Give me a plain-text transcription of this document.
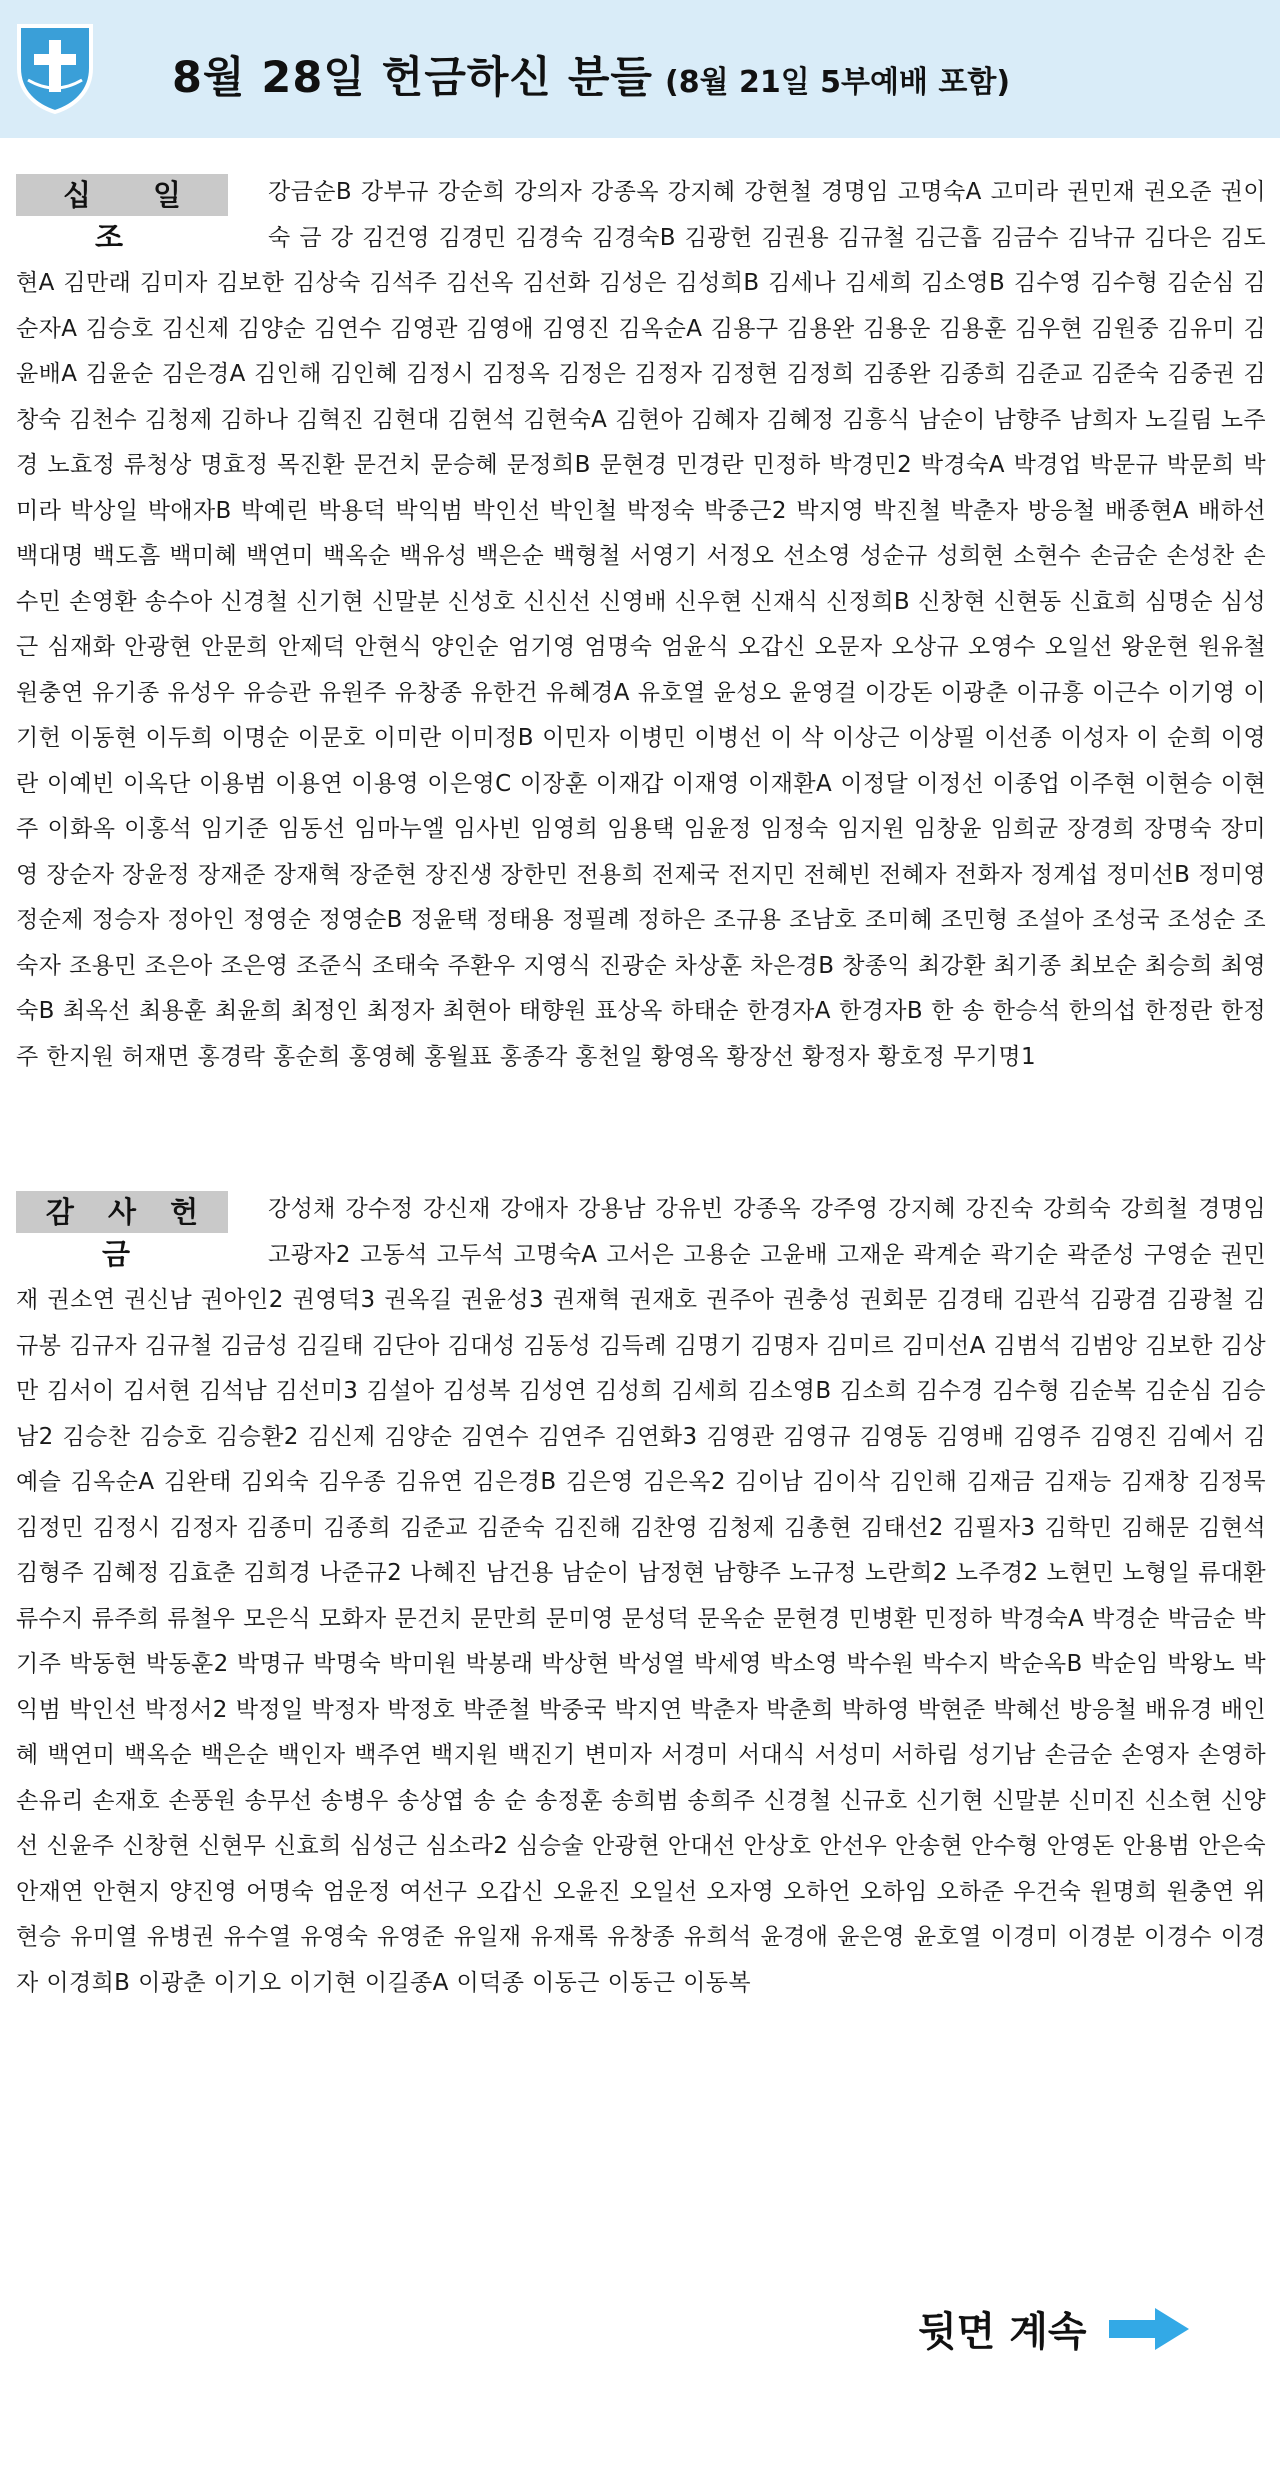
8월 28일 헌금하신 분들 (8월 21일 5부예배 포함)
십 일 조
강금순B 강부규 강순희 강의자 강종옥 강지혜 강현철 경명임 고명숙A 고미라 권민재 권오준 권이숙 금 강 김건영 김경민 김경숙 김경숙B 김광헌 김권용 김규철 김근흡 김금수 김낙규 김다은 김도현A 김만래 김미자 김보한 김상숙 김석주 김선옥 김선화 김성은 김성희B 김세나 김세희 김소영B 김수영 김수형 김순심 김순자A 김승호 김신제 김양순 김연수 김영관 김영애 김영진 김옥순A 김용구 김용완 김용운 김용훈 김우현 김원중 김유미 김윤배A 김윤순 김은경A 김인해 김인혜 김정시 김정옥 김정은 김정자 김정현 김정희 김종완 김종희 김준교 김준숙 김중권 김창숙 김천수 김청제 김하나 김혁진 김현대 김현석 김현숙A 김현아 김혜자 김혜정 김흥식 남순이 남향주 남희자 노길림 노주경 노효정 류청상 명효정 목진환 문건치 문승혜 문정희B 문현경 민경란 민정하 박경민2 박경숙A 박경업 박문규 박문희 박미라 박상일 박애자B 박예린 박용덕 박익범 박인선 박인철 박정숙 박중근2 박지영 박진철 박춘자 방응철 배종현A 배하선 백대명 백도흠 백미혜 백연미 백옥순 백유성 백은순 백형철 서영기 서정오 선소영 성순규 성희현 소현수 손금순 손성찬 손수민 손영환 송수아 신경철 신기현 신말분 신성호 신신선 신영배 신우현 신재식 신정희B 신창현 신현동 신효희 심명순 심성근 심재화 안광현 안문희 안제덕 안현식 양인순 엄기영 엄명숙 엄윤식 오갑신 오문자 오상규 오영수 오일선 왕운현 원유철 원충연 유기종 유성우 유승관 유원주 유창종 유한건 유혜경A 유호열 윤성오 윤영걸 이강돈 이광춘 이규흥 이근수 이기영 이기헌 이동현 이두희 이명순 이문호 이미란 이미정B 이민자 이병민 이병선 이 삭 이상근 이상필 이선종 이성자 이 순희 이영란 이예빈 이옥단 이용범 이용연 이용영 이은영C 이장훈 이재갑 이재영 이재환A 이정달 이정선 이종업 이주현 이현승 이현주 이화옥 이홍석 임기준 임동선 임마누엘 임사빈 임영희 임용택 임윤정 임정숙 임지원 임창윤 임희균 장경희 장명숙 장미영 장순자 장윤정 장재준 장재혁 장준현 장진생 장한민 전용희 전제국 전지민 전혜빈 전혜자 전화자 정계섭 정미선B 정미영 정순제 정승자 정아인 정영순 정영순B 정윤택 정태용 정필례 정하은 조규용 조남호 조미혜 조민형 조설아 조성국 조성순 조숙자 조용민 조은아 조은영 조준식 조태숙 주환우 지영식 진광순 차상훈 차은경B 창종익 최강환 최기종 최보순 최승희 최영숙B 최옥선 최용훈 최윤희 최정인 최정자 최현아 태향원 표상옥 하태순 한경자A 한경자B 한 송 한승석 한의섭 한정란 한정주 한지원 허재면 홍경락 홍순희 홍영혜 홍월표 홍종각 홍천일 황영옥 황장선 황정자 황호정 무기명1
감 사 헌 금
강성채 강수정 강신재 강애자 강용남 강유빈 강종옥 강주영 강지혜 강진숙 강희숙 강희철 경명임 고광자2 고동석 고두석 고명숙A 고서은 고용순 고윤배 고재운 곽계순 곽기순 곽준성 구영순 권민재 권소연 권신남 권아인2 권영덕3 권옥길 권윤성3 권재혁 권재호 권주아 권충성 권회문 김경태 김관석 김광겸 김광철 김규봉 김규자 김규철 김금성 김길태 김단아 김대성 김동성 김득례 김명기 김명자 김미르 김미선A 김범석 김범앙 김보한 김상만 김서이 김서현 김석남 김선미3 김설아 김성복 김성연 김성희 김세희 김소영B 김소희 김수경 김수형 김순복 김순심 김승남2 김승찬 김승호 김승환2 김신제 김양순 김연수 김연주 김연화3 김영관 김영규 김영동 김영배 김영주 김영진 김예서 김예슬 김옥순A 김완태 김외숙 김우종 김유연 김은경B 김은영 김은옥2 김이남 김이삭 김인해 김재금 김재능 김재창 김정묵 김정민 김정시 김정자 김종미 김종희 김준교 김준숙 김진해 김찬영 김청제 김총현 김태선2 김필자3 김학민 김해문 김현석 김형주 김혜정 김효춘 김희경 나준규2 나혜진 남건용 남순이 남정현 남향주 노규정 노란희2 노주경2 노현민 노형일 류대환 류수지 류주희 류철우 모은식 모화자 문건치 문만희 문미영 문성덕 문옥순 문현경 민병환 민정하 박경숙A 박경순 박금순 박기주 박동현 박동훈2 박명규 박명숙 박미원 박봉래 박상현 박성열 박세영 박소영 박수원 박수지 박순옥B 박순임 박왕노 박익범 박인선 박정서2 박정일 박정자 박정호 박준철 박중국 박지연 박춘자 박춘희 박하영 박현준 박혜선 방응철 배유경 배인혜 백연미 백옥순 백은순 백인자 백주연 백지원 백진기 변미자 서경미 서대식 서성미 서하림 성기남 손금순 손영자 손영하 손유리 손재호 손풍원 송무선 송병우 송상엽 송 순 송정훈 송희범 송희주 신경철 신규호 신기현 신말분 신미진 신소현 신양선 신윤주 신창현 신현무 신효희 심성근 심소라2 심승술 안광현 안대선 안상호 안선우 안송현 안수형 안영돈 안용범 안은숙 안재연 안현지 양진영 어명숙 엄운정 여선구 오갑신 오윤진 오일선 오자영 오하언 오하임 오하준 우건숙 원명희 원충연 위현승 유미열 유병권 유수열 유영숙 유영준 유일재 유재록 유창종 유희석 윤경애 윤은영 윤호열 이경미 이경분 이경수 이경자 이경희B 이광춘 이기오 이기현 이길종A 이덕종 이동근 이동근 이동복
뒷면 계속
